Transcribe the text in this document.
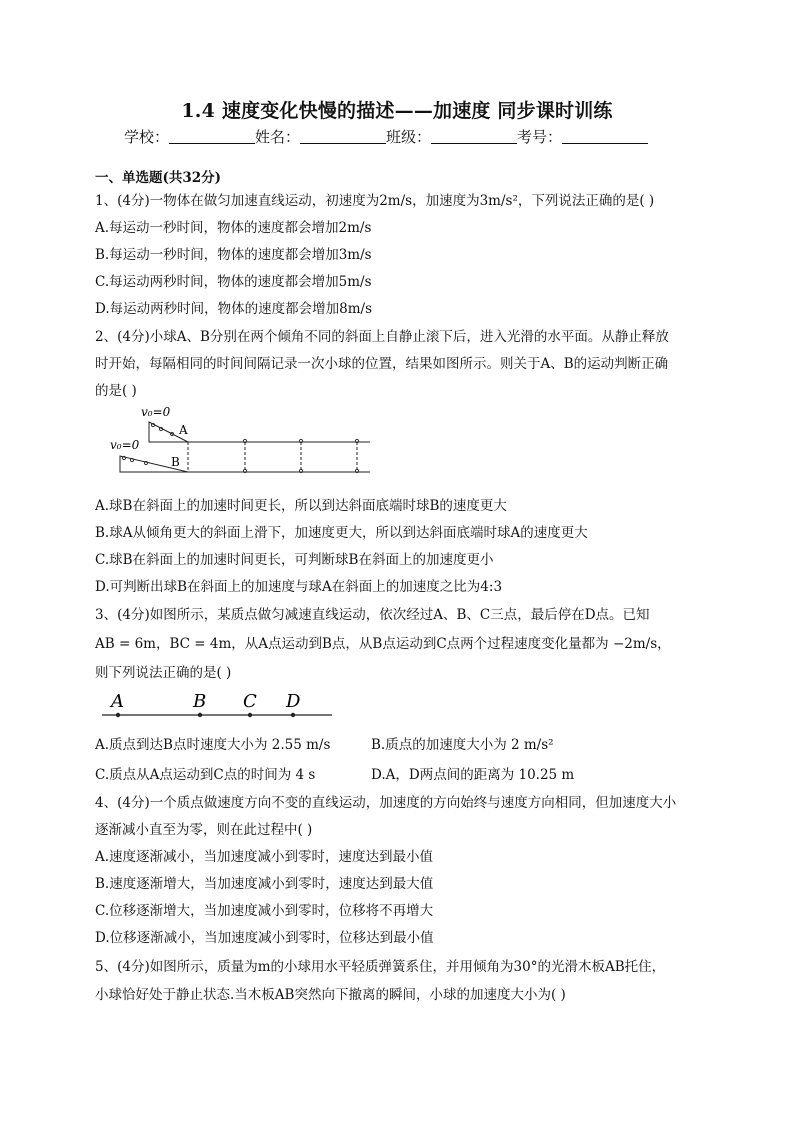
1.4 速度变化快慢的描述——加速度 同步课时训练
学校：	姓名：	班级：	考号：
一、单选题(共32分)
1、(4分)一物体在做匀加速直线运动，初速度为2m/s，加速度为3m/s²，下列说法正确的是( )
A.每运动一秒时间，物体的速度都会增加2m/s
B.每运动一秒时间，物体的速度都会增加3m/s
C.每运动两秒时间，物体的速度都会增加5m/s
D.每运动两秒时间，物体的速度都会增加8m/s
2、(4分)小球A、B分别在两个倾角不同的斜面上自静止滚下后，进入光滑的水平面。从静止释放
时开始，每隔相同的时间间隔记录一次小球的位置，结果如图所示。则关于A、B的运动判断正确
的是( )
v₀=0
v₀=0
A
B
A.球B在斜面上的加速时间更长，所以到达斜面底端时球B的速度更大
B.球A从倾角更大的斜面上滑下，加速度更大，所以到达斜面底端时球A的速度更大
C.球B在斜面上的加速时间更长，可判断球B在斜面上的加速度更小
D.可判断出球B在斜面上的加速度与球A在斜面上的加速度之比为4:3
3、(4分)如图所示，某质点做匀减速直线运动，依次经过A、B、C三点，最后停在D点。已知
AB = 6m，BC = 4m，从A点运动到B点，从B点运动到C点两个过程速度变化量都为 −2m/s，
则下列说法正确的是( )
A	B C D
A.质点到达B点时速度大小为 2.55 m/s	B.质点的加速度大小为 2 m/s²
C.质点从A点运动到C点的时间为 4 s	D.A，D两点间的距离为 10.25 m
4、(4分)一个质点做速度方向不变的直线运动，加速度的方向始终与速度方向相同，但加速度大小
逐渐减小直至为零，则在此过程中( )
A.速度逐渐减小，当加速度减小到零时，速度达到最小值
B.速度逐渐增大，当加速度减小到零时，速度达到最大值
C.位移逐渐增大，当加速度减小到零时，位移将不再增大
D.位移逐渐减小，当加速度减小到零时，位移达到最小值
5、(4分)如图所示，质量为m的小球用水平轻质弹簧系住，并用倾角为30°的光滑木板AB托住，
小球恰好处于静止状态.当木板AB突然向下撤离的瞬间，小球的加速度大小为( )
